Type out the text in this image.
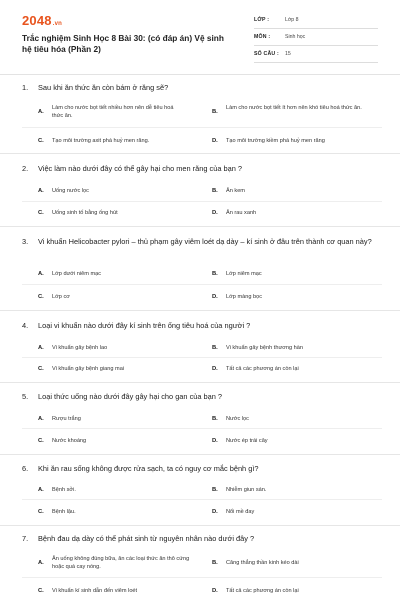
2048.vn
Trắc nghiệm Sinh Học 8 Bài 30: (có đáp án) Vệ sinh hệ tiêu hóa (Phần 2)
LỚP :	Lớp 8
MÔN :	Sinh học
SỐ CÂU : 15
1.	Sau khi ăn thức ăn còn bám ở răng sẽ?
A.
Làm cho nước bọt tiết nhiều hơn nên dễ tiêu hoá thức ăn.
B.
Làm cho nước bọt tiết ít hơn nên khó tiêu hoá thức ăn.
C. Tạo môi trường axit phá huỷ men răng.	D. Tạo môi trường kiềm phá huỷ men răng
2.	Việc làm nào dưới đây có thể gây hại cho men răng của bạn ?
A. Uống nước lọc	B. Ăn kem
C. Uống sinh tố bằng ống hút	D. Ăn rau xanh
3.	Vi khuẩn Helicobacter pylori – thủ phạm gây viêm loét dạ dày – kí sinh ở đâu trên thành cơ quan này?
A. Lớp dưới niêm mạc	B. Lớp niêm mạc
C. Lớp cơ	D. Lớp màng bọc
4.	Loại vi khuẩn nào dưới đây kí sinh trên ống tiêu hoá của người ?
A. Vi khuẩn gây bệnh lao	B. Vi khuẩn gây bệnh thương hàn
C. Vi khuẩn gây bệnh giang mai	D. Tất cả các phương án còn lại
5.	Loại thức uống nào dưới đây gây hại cho gan của bạn ?
A. Rượu trắng	B. Nước lọc
C. Nước khoáng	D. Nước ép trái cây
6.	Khi ăn rau sống không được rửa sạch, ta có nguy cơ mắc bệnh gì?
A. Bệnh sởi.	B. Nhiễm giun sán.
C. Bệnh lậu.	D. Nổi mề đay
7.	Bệnh đau dạ dày có thể phát sinh từ nguyên nhân nào dưới đây ?
A.
Ăn uống không đúng bữa, ăn các loại thức ăn thô cứng hoặc quá cay nóng.
B. Căng thẳng thần kinh kéo dài
C. Vi khuẩn kí sinh dẫn đến viêm loét	D. Tất cả các phương án còn lại
